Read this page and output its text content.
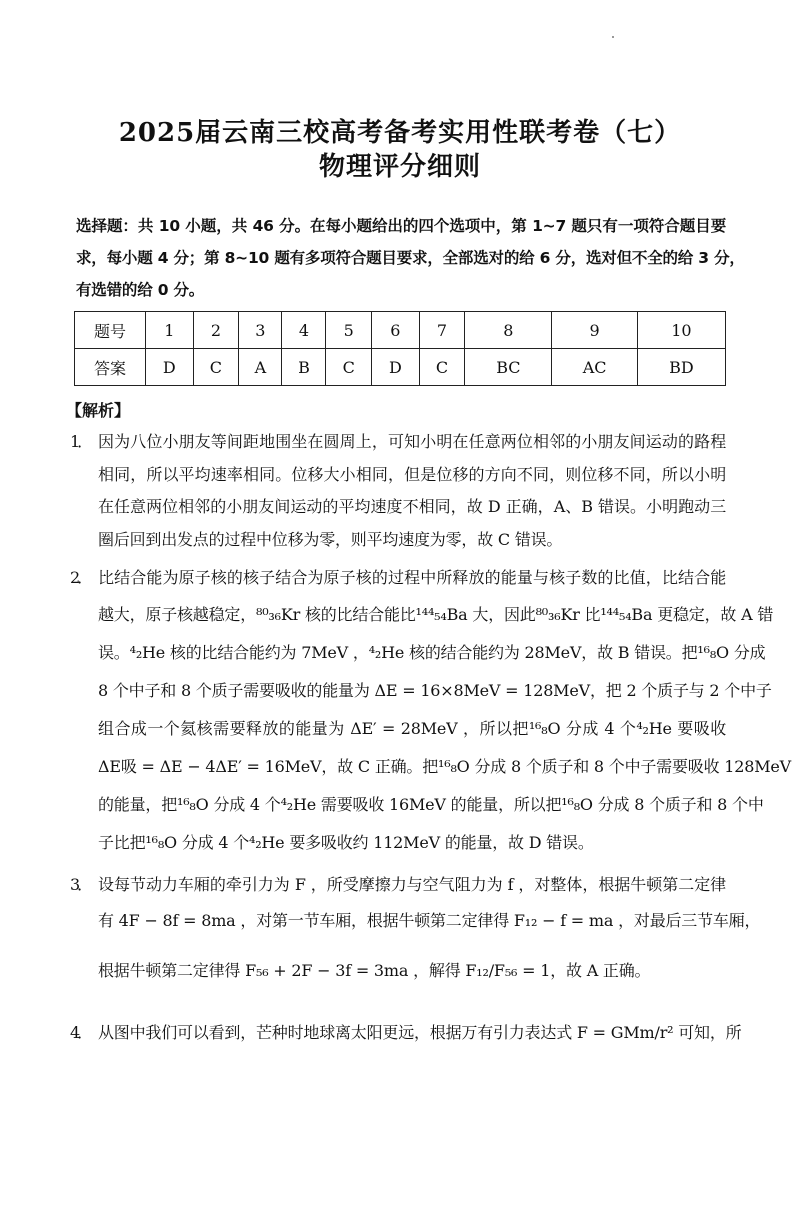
2025届云南三校高考备考实用性联考卷（七）
物理评分细则
选择题：共 10 小题，共 46 分。在每小题给出的四个选项中，第 1~7 题只有一项符合题目要
求，每小题 4 分；第 8~10 题有多项符合题目要求，全部选对的给 6 分，选对但不全的给 3 分，
有选错的给 0 分。
题号	1	2	3	4	5	6	7	8	9	10
答案	D	C	A	B	C	D	C	BC	AC	BD
【解析】
1． 因为八位小朋友等间距地围坐在圆周上，可知小明在任意两位相邻的小朋友间运动的路程
相同，所以平均速率相同。位移大小相同，但是位移的方向不同，则位移不同，所以小明
在任意两位相邻的小朋友间运动的平均速度不相同，故 D 正确，A、B 错误。小明跑动三
圈后回到出发点的过程中位移为零，则平均速度为零，故 C 错误。
2． 比结合能为原子核的核子结合为原子核的过程中所释放的能量与核子数的比值，比结合能
越大，原子核越稳定，⁸⁰₃₆Kr 核的比结合能比¹⁴⁴₅₄Ba 大，因此⁸⁰₃₆Kr 比¹⁴⁴₅₄Ba 更稳定，故 A 错
误。⁴₂He 核的比结合能约为 7MeV ，⁴₂He 核的结合能约为 28MeV，故 B 错误。把¹⁶₈O 分成
8 个中子和 8 个质子需要吸收的能量为 ΔE = 16×8MeV = 128MeV，把 2 个质子与 2 个中子
组合成一个氦核需要释放的能量为 ΔE′ = 28MeV ，所以把¹⁶₈O 分成 4 个⁴₂He 要吸收
ΔE吸 = ΔE − 4ΔE′ = 16MeV，故 C 正确。把¹⁶₈O 分成 8 个质子和 8 个中子需要吸收 128MeV
的能量，把¹⁶₈O 分成 4 个⁴₂He 需要吸收 16MeV 的能量，所以把¹⁶₈O 分成 8 个质子和 8 个中
子比把¹⁶₈O 分成 4 个⁴₂He 要多吸收约 112MeV 的能量，故 D 错误。
3． 设每节动力车厢的牵引力为 F ，所受摩擦力与空气阻力为 f ，对整体，根据牛顿第二定律
有 4F − 8f = 8ma ，对第一节车厢，根据牛顿第二定律得 F₁₂ − f = ma ，对最后三节车厢，
根据牛顿第二定律得 F₅₆ + 2F − 3f = 3ma ，解得 F₁₂/F₅₆ = 1，故 A 正确。
4． 从图中我们可以看到，芒种时地球离太阳更远，根据万有引力表达式 F = GMm/r² 可知，所
